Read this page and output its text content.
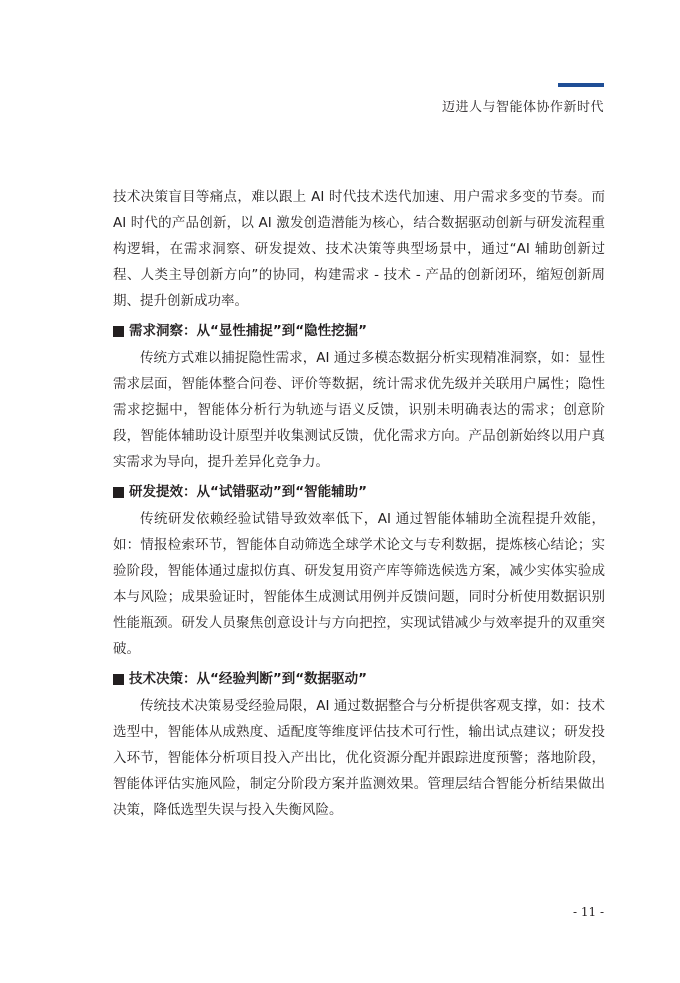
迈进人与智能体协作新时代

技术决策盲目等痛点，难以跟上 AI 时代技术迭代加速、用户需求多变的节奏。而 AI 时代的产品创新，以 AI 激发创造潜能为核心，结合数据驱动创新与研发流程重构逻辑，在需求洞察、研发提效、技术决策等典型场景中，通过“AI 辅助创新过程、人类主导创新方向”的协同，构建需求 - 技术 - 产品的创新闭环，缩短创新周期、提升创新成功率。

需求洞察：从“显性捕捉”到“隐性挖掘”

传统方式难以捕捉隐性需求，AI 通过多模态数据分析实现精准洞察，如：显性需求层面，智能体整合问卷、评价等数据，统计需求优先级并关联用户属性；隐性需求挖掘中，智能体分析行为轨迹与语义反馈，识别未明确表达的需求；创意阶段，智能体辅助设计原型并收集测试反馈，优化需求方向。产品创新始终以用户真实需求为导向，提升差异化竞争力。

研发提效：从“试错驱动”到“智能辅助”

传统研发依赖经验试错导致效率低下，AI 通过智能体辅助全流程提升效能，如：情报检索环节，智能体自动筛选全球学术论文与专利数据，提炼核心结论；实验阶段，智能体通过虚拟仿真、研发复用资产库等筛选候选方案，减少实体实验成本与风险；成果验证时，智能体生成测试用例并反馈问题，同时分析使用数据识别性能瓶颈。研发人员聚焦创意设计与方向把控，实现试错减少与效率提升的双重突破。

技术决策：从“经验判断”到“数据驱动”

传统技术决策易受经验局限，AI 通过数据整合与分析提供客观支撑，如：技术选型中，智能体从成熟度、适配度等维度评估技术可行性，输出试点建议；研发投入环节，智能体分析项目投入产出比，优化资源分配并跟踪进度预警；落地阶段，智能体评估实施风险，制定分阶段方案并监测效果。管理层结合智能分析结果做出决策，降低选型失误与投入失衡风险。

- 11 -
